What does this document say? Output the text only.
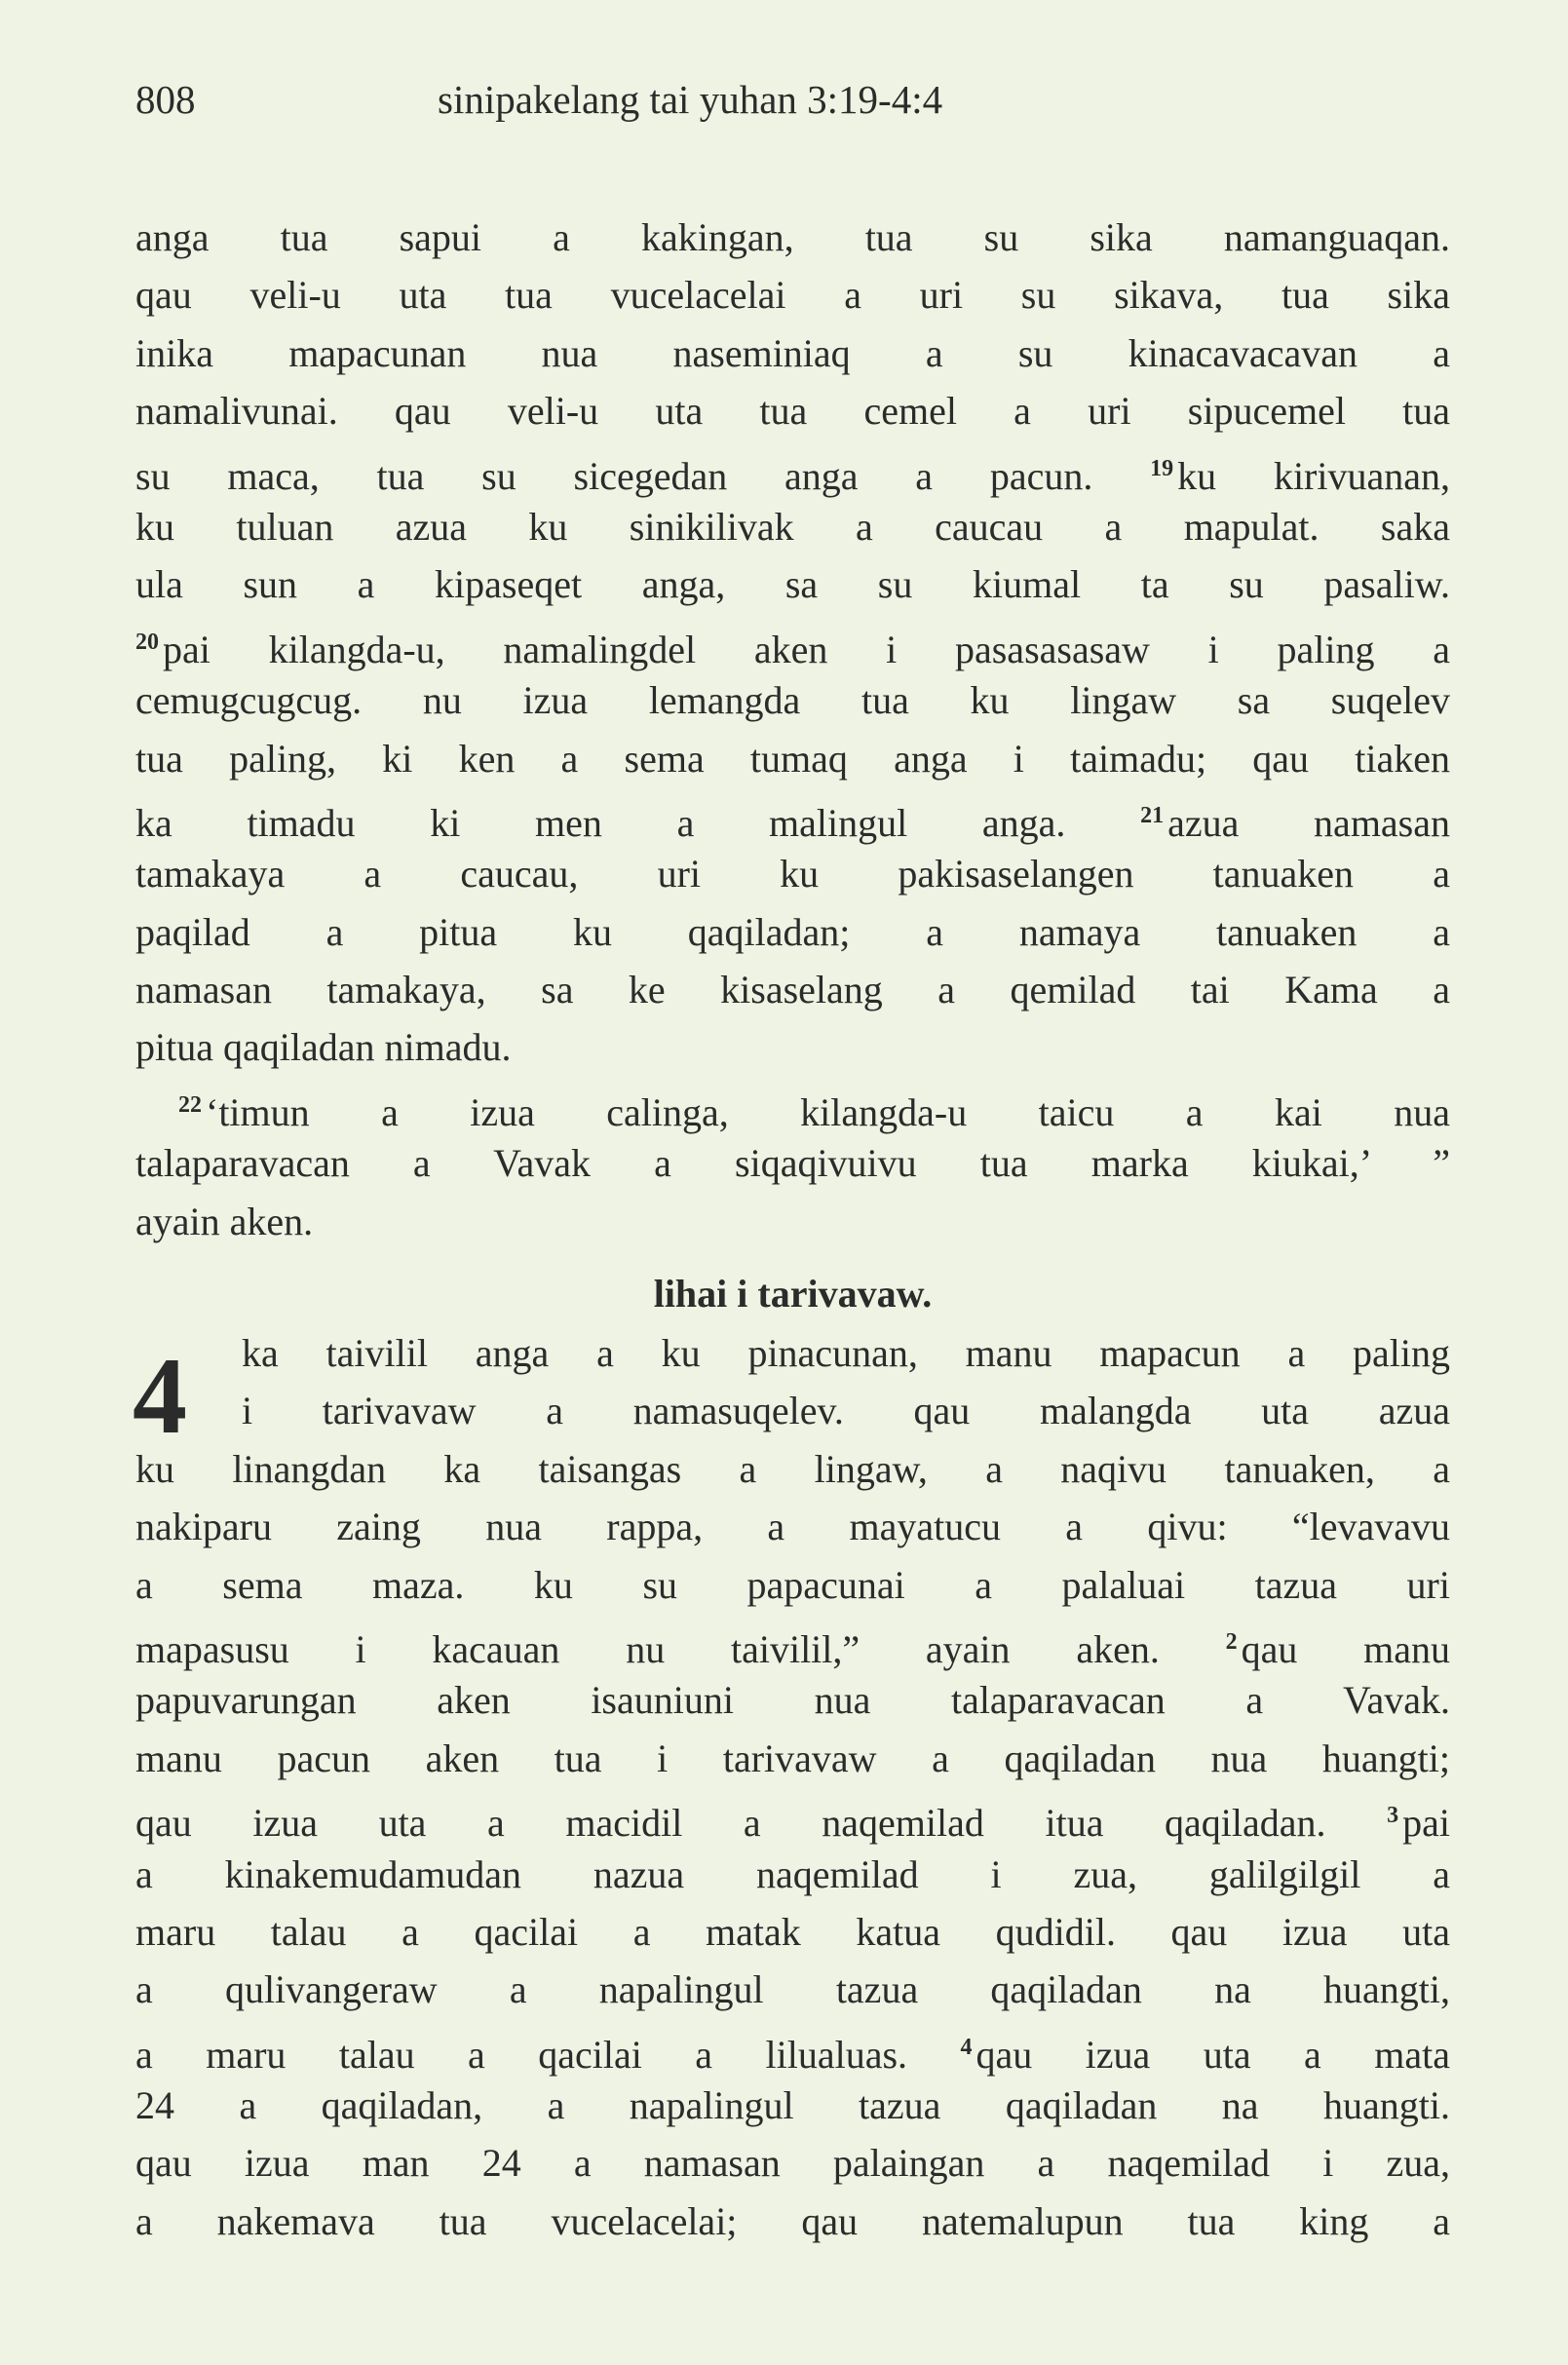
808	sinipakelang tai yuhan 3:19-4:4
anga tua sapui a kakingan, tua su sika namanguaqan.
qau veli-u uta tua vucelacelai a uri su sikava, tua sika
inika mapacunan nua naseminiaq a su kinacavacavan a
namalivunai. qau veli-u uta tua cemel a uri sipucemel tua
su maca, tua su sicegedan anga a pacun. $^{19}$ ku kirivuanan,
ku tuluan azua ku sinikilivak a caucau a mapulat. saka
ula sun a kipaseqet anga, sa su kiumal ta su pasaliw.
$^{20}$ pai kilangda-u, namalingdel aken i pasasasasaw i paling a
cemugcugcug. nu izua lemangda tua ku lingaw sa suqelev
tua paling, ki ken a sema tumaq anga i taimadu; qau tiaken
ka timadu ki men a malingul anga. $^{21}$ azua namasan
tamakaya a caucau, uri ku pakisaselangen tanuaken a
paqilad a pitua ku qaqiladan; a namaya tanuaken a
namasan tamakaya, sa ke kisaselang a qemilad tai Kama a
pitua qaqiladan nimadu.
$^{22}$ ‘timun a izua calinga, kilangda-u taicu a kai nua
talaparavacan a Vavak a siqaqivuivu tua marka kiukai,’ ”
ayain aken.
lihai i tarivavaw.
4	ka taivilil anga a ku pinacunan, manu mapacun a paling
i tarivavaw a namasuqelev. qau malangda uta azua
ku linangdan ka taisangas a lingaw, a naqivu tanuaken, a
nakiparu zaing nua rappa, a mayatucu a qivu: “levavavu
a sema maza. ku su papacunai a palaluai tazua uri
mapasusu i kacauan nu taivilil,” ayain aken. $^2$ qau manu
papuvarungan aken isauniuni nua talaparavacan a Vavak.
manu pacun aken tua i tarivavaw a qaqiladan nua huangti;
qau izua uta a macidil a naqemilad itua qaqiladan. $^3$ pai
a kinakemudamudan nazua naqemilad i zua, galilgilgil a
maru talau a qacilai a matak katua qudidil. qau izua uta
a qulivangeraw a napalingul tazua qaqiladan na huangti,
a maru talau a qacilai a lilualuas. $^4$ qau izua uta a mata
24 a qaqiladan, a napalingul tazua qaqiladan na huangti.
qau izua man 24 a namasan palaingan a naqemilad i zua,
a nakemava tua vucelacelai; qau natemalupun tua king a
